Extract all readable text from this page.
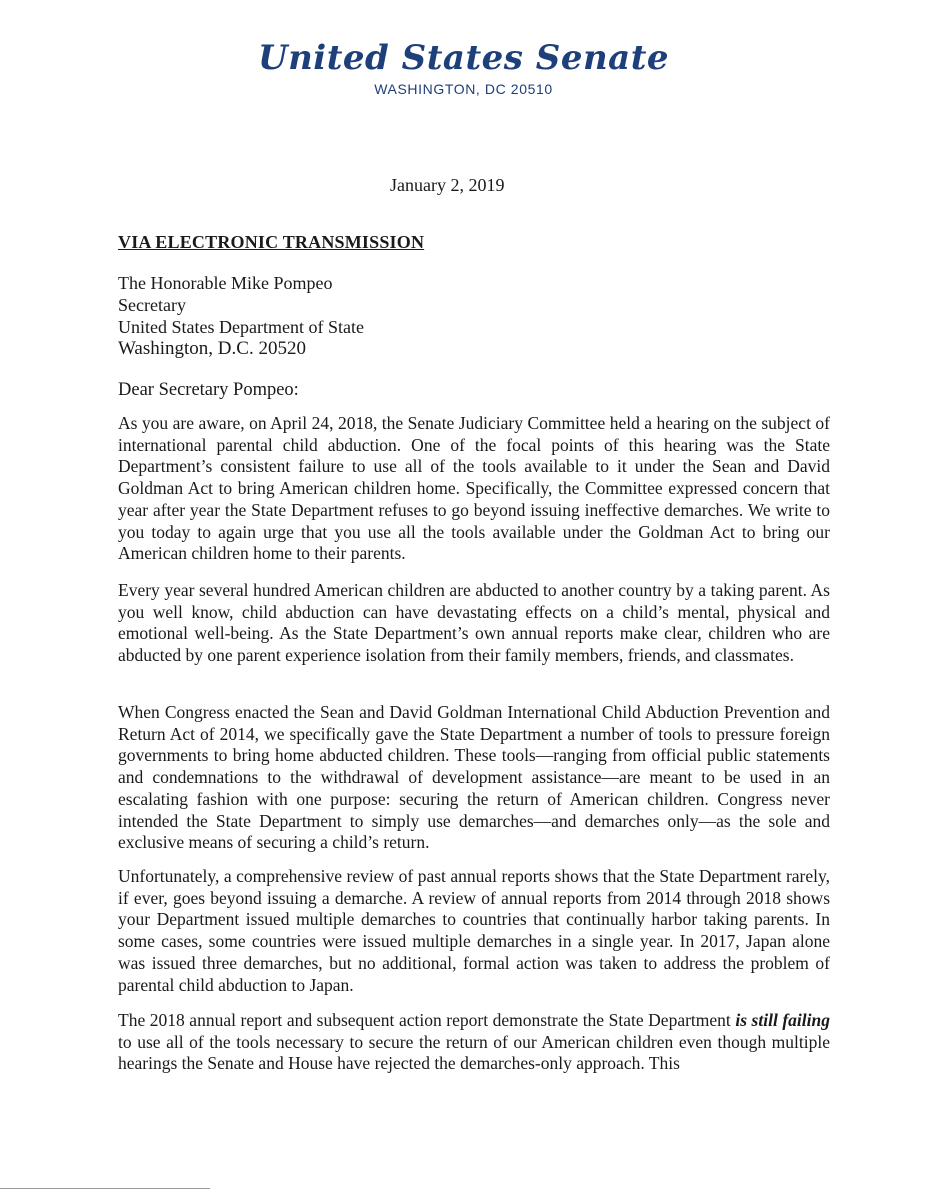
United States Senate
WASHINGTON, DC 20510
January 2, 2019
VIA ELECTRONIC TRANSMISSION
The Honorable Mike Pompeo
Secretary
United States Department of State
Washington, D.C. 20520
Dear Secretary Pompeo:

As you are aware, on April 24, 2018, the Senate Judiciary Committee held a hearing on the subject of international parental child abduction. One of the focal points of this hearing was the State Department’s consistent failure to use all of the tools available to it under the Sean and David Goldman Act to bring American children home. Specifically, the Committee expressed concern that year after year the State Department refuses to go beyond issuing ineffective demarches. We write to you today to again urge that you use all the tools available under the Goldman Act to bring our American children home to their parents.

Every year several hundred American children are abducted to another country by a taking parent. As you well know, child abduction can have devastating effects on a child’s mental, physical and emotional well-being. As the State Department’s own annual reports make clear, children who are abducted by one parent experience isolation from their family members, friends, and classmates.

When Congress enacted the Sean and David Goldman International Child Abduction Prevention and Return Act of 2014, we specifically gave the State Department a number of tools to pressure foreign governments to bring home abducted children. These tools—ranging from official public statements and condemnations to the withdrawal of development assistance—are meant to be used in an escalating fashion with one purpose: securing the return of American children. Congress never intended the State Department to simply use demarches—and demarches only—as the sole and exclusive means of securing a child’s return.

Unfortunately, a comprehensive review of past annual reports shows that the State Department rarely, if ever, goes beyond issuing a demarche. A review of annual reports from 2014 through 2018 shows your Department issued multiple demarches to countries that continually harbor taking parents. In some cases, some countries were issued multiple demarches in a single year. In 2017, Japan alone was issued three demarches, but no additional, formal action was taken to address the problem of parental child abduction to Japan.

The 2018 annual report and subsequent action report demonstrate the State Department is still failing to use all of the tools necessary to secure the return of our American children even though multiple hearings the Senate and House have rejected the demarches-only approach. This
